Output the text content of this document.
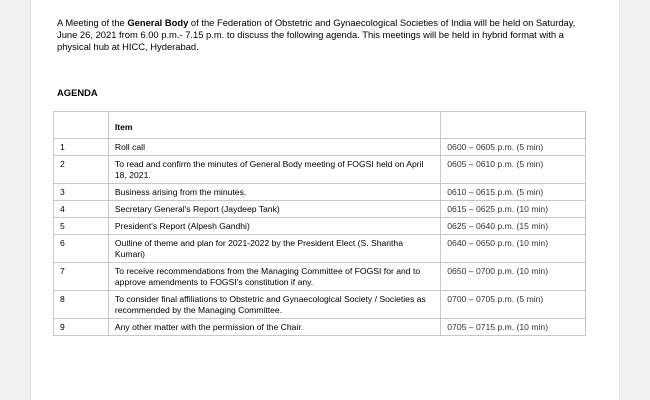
A Meeting of the General Body of the Federation of Obstetric and Gynaecological Societies of India will be held on Saturday, June 26, 2021 from 6.00 p.m.- 7.15 p.m. to discuss the following agenda. This meetings will be held in hybrid format with a physical hub at HICC, Hyderabad.

AGENDA

	Item	
1	Roll call	0600 – 0605 p.m. (5 min)
2	To read and confirm the minutes of General Body meeting of FOGSI held on April 18, 2021.	0605 – 0610 p.m. (5 min)
3	Business arising from the minutes.	0610 – 0615 p.m. (5 min)
4	Secretary General's Report (Jaydeep Tank)	0615 – 0625 p.m. (10 min)
5	President's Report (Alpesh Gandhi)	0625 – 0640 p.m. (15 min)
6	Outline of theme and plan for 2021-2022 by the President Elect (S. Shantha Kumari)	0640 – 0650 p.m. (10 min)
7	To receive recommendations from the Managing Committee of FOGSI for and to approve amendments to FOGSI's constitution if any.	0650 – 0700 p.m. (10 min)
8	To consider final affiliations to Obstetric and Gynaecological Society / Societies as recommended by the Managing Committee.	0700 – 0705 p.m. (5 min)
9	Any other matter with the permission of the Chair.	0705 – 0715 p.m. (10 min)
